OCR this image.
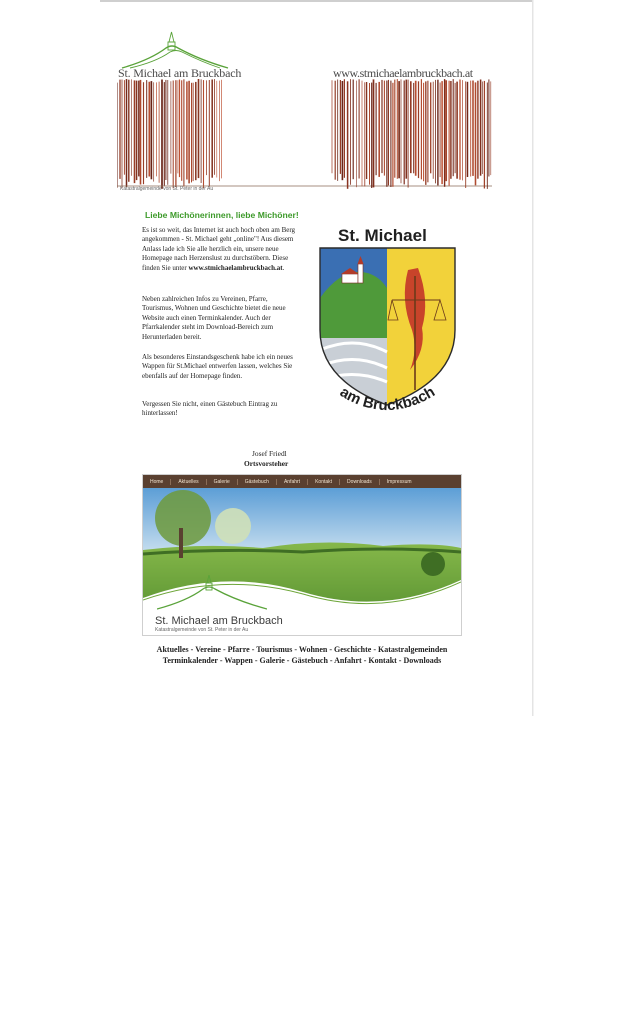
St. Michael am Bruckbach	www.stmichaelambruckbach.at
Katastralgemeinde von St. Peter in der Au
Liebe Michönerinnen, liebe Michöner!

Es ist so weit, das Internet ist auch hoch oben am Berg angekommen - St. Michael geht „online"! Aus diesem Anlass lade ich Sie alle herzlich ein, unsere neue Homepage nach Herzenslust zu durchstöbern. Diese finden Sie unter www.stmichaelambruckbach.at.

Neben zahlreichen Infos zu Vereinen, Pfarre, Tourismus, Wohnen und Geschichte bietet die neue Website auch einen Terminkalender. Auch der Pfarrkalender steht im Download-Bereich zum Herunterladen bereit.

Als besonderes Einstandsgeschenk habe ich ein neues Wappen für St.Michael entwerfen lassen, welches Sie ebenfalls auf der Homepage finden.

Vergessen Sie nicht, einen Gästebuch Eintrag zu hinterlassen!

Josef Friedl
Ortsvorsteher
St. Michael
am Bruckbach
Home	Aktuelles	Galerie	Gästebuch	Anfahrt	Kontakt	Downloads	Impressum
St. Michael am Bruckbach
Katastralgemeinde von St. Peter in der Au
Aktuelles - Vereine - Pfarre - Tourismus - Wohnen - Geschichte - Katastralgemeinden
Terminkalender - Wappen - Galerie - Gästebuch - Anfahrt - Kontakt - Downloads
